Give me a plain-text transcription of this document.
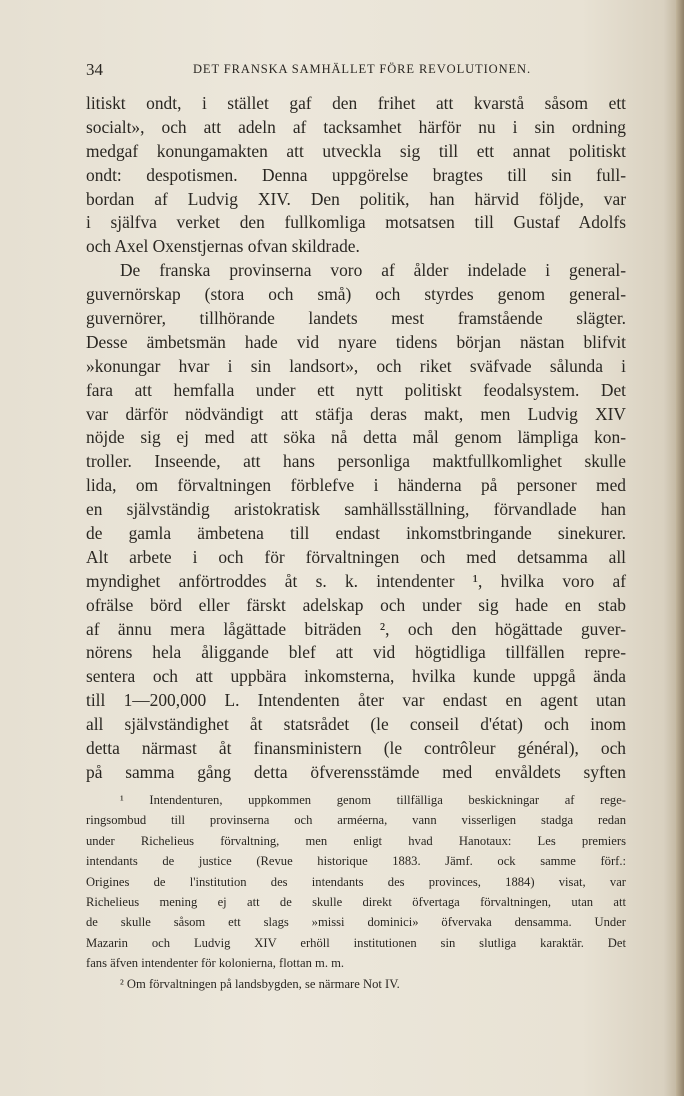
34	DET FRANSKA SAMHÄLLET FÖRE REVOLUTIONEN.
litiskt ondt, i stället gaf den frihet att kvarstå såsom ett
socialt», och att adeln af tacksamhet härför nu i sin ordning
medgaf konungamakten att utveckla sig till ett annat politiskt
ondt: despotismen. Denna uppgörelse bragtes till sin full-
bordan af Ludvig XIV. Den politik, han härvid följde, var
i själfva verket den fullkomliga motsatsen till Gustaf Adolfs
och Axel Oxenstjernas ofvan skildrade.
De franska provinserna voro af ålder indelade i general-
guvernörskap (stora och små) och styrdes genom general-
guvernörer, tillhörande landets mest framstående slägter.
Desse ämbetsmän hade vid nyare tidens början nästan blifvit
»konungar hvar i sin landsort», och riket sväfvade sålunda i
fara att hemfalla under ett nytt politiskt feodalsystem. Det
var därför nödvändigt att stäfja deras makt, men Ludvig XIV
nöjde sig ej med att söka nå detta mål genom lämpliga kon-
troller. Inseende, att hans personliga maktfullkomlighet skulle
lida, om förvaltningen förblefve i händerna på personer med
en självständig aristokratisk samhällsställning, förvandlade han
de gamla ämbetena till endast inkomstbringande sinekurer.
Alt arbete i och för förvaltningen och med detsamma all
myndighet anförtroddes åt s. k. intendenter ¹, hvilka voro af
ofrälse börd eller färskt adelskap och under sig hade en stab
af ännu mera lågättade biträden ², och den högättade guver-
nörens hela åliggande blef att vid högtidliga tillfällen repre-
sentera och att uppbära inkomsterna, hvilka kunde uppgå ända
till 1—200,000 L. Intendenten åter var endast en agent utan
all självständighet åt statsrådet (le conseil d'état) och inom
detta närmast åt finansministern (le contrôleur général), och
på samma gång detta öfverensstämde med envåldets syften
¹ Intendenturen, uppkommen genom tillfälliga beskickningar af rege-
ringsombud till provinserna och arméerna, vann visserligen stadga redan
under Richelieus förvaltning, men enligt hvad Hanotaux: Les premiers
intendants de justice (Revue historique 1883. Jämf. ock samme förf.:
Origines de l'institution des intendants des provinces, 1884) visat, var
Richelieus mening ej att de skulle direkt öfvertaga förvaltningen, utan att
de skulle såsom ett slags »missi dominici» öfvervaka densamma. Under
Mazarin och Ludvig XIV erhöll institutionen sin slutliga karaktär. Det
fans äfven intendenter för kolonierna, flottan m. m.
² Om förvaltningen på landsbygden, se närmare Not IV.
